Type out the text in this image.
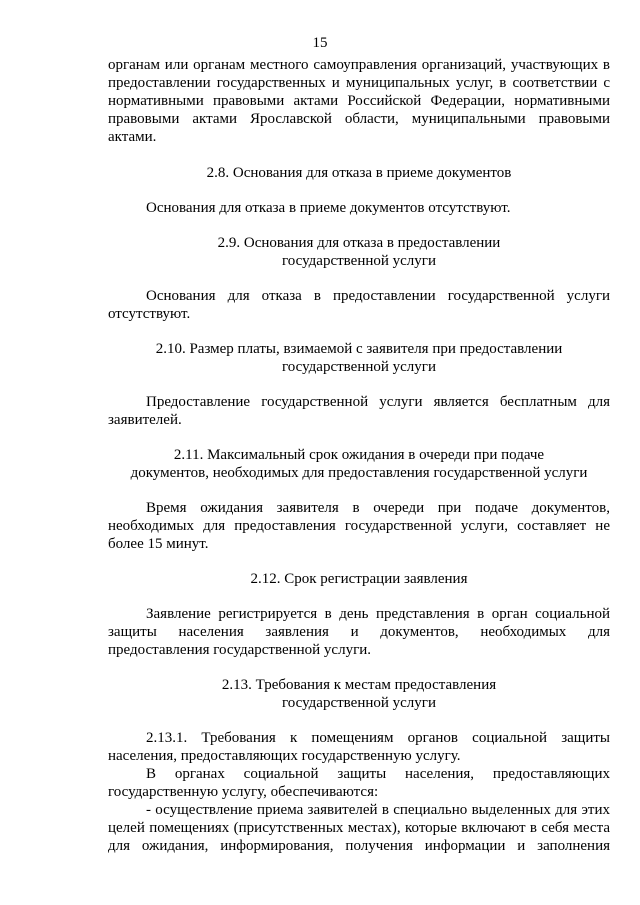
15
органам или органам местного самоуправления организаций, участвующих в
предоставлении государственных и муниципальных услуг, в соответствии с
нормативными правовыми актами Российской Федерации, нормативными
правовыми актами Ярославской области, муниципальными правовыми
актами.
2.8. Основания для отказа в приеме документов
Основания для отказа в приеме документов отсутствуют.
2.9. Основания для отказа в предоставлении
государственной услуги
Основания для отказа в предоставлении государственной услуги
отсутствуют.
2.10. Размер платы, взимаемой с заявителя при предоставлении
государственной услуги
Предоставление государственной услуги является бесплатным для
заявителей.
2.11. Максимальный срок ожидания в очереди при подаче
документов, необходимых для предоставления государственной услуги
Время ожидания заявителя в очереди при подаче документов,
необходимых для предоставления государственной услуги, составляет не
более 15 минут.
2.12. Срок регистрации заявления
Заявление регистрируется в день представления в орган социальной
защиты населения заявления и документов, необходимых для
предоставления государственной услуги.
2.13. Требования к местам предоставления
государственной услуги
2.13.1. Требования к помещениям органов социальной защиты
населения, предоставляющих государственную услугу.
В органах социальной защиты населения, предоставляющих
государственную услугу, обеспечиваются:
- осуществление приема заявителей в специально выделенных для этих
целей помещениях (присутственных местах), которые включают в себя места
для ожидания, информирования, получения информации и заполнения
